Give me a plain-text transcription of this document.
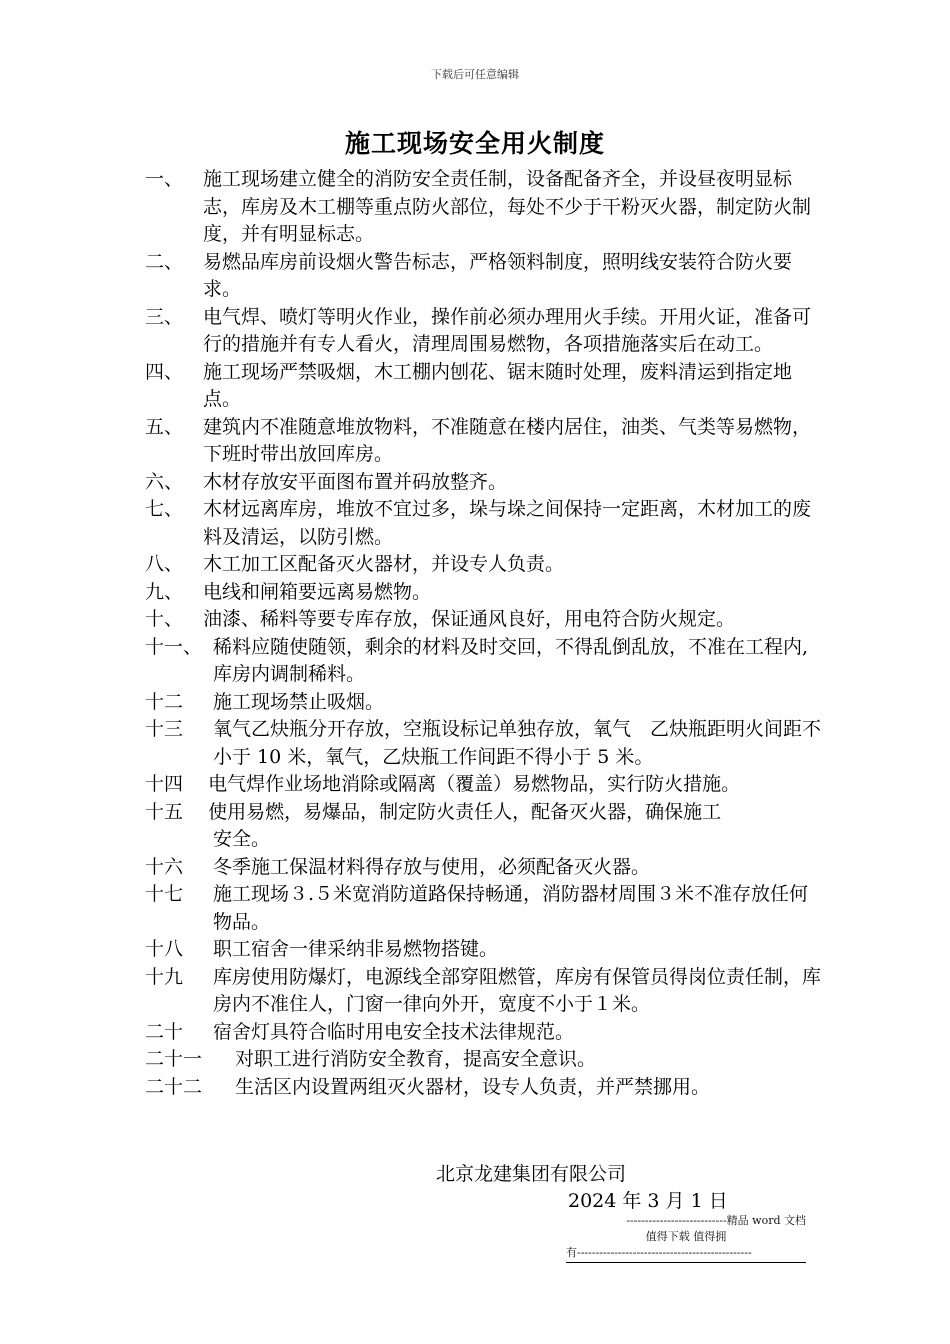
下载后可任意编辑
施工现场安全用火制度
一、	施工现场建立健全的消防安全责任制，设备配备齐全，并设昼夜明显标志，库房及木工棚等重点防火部位，每处不少于干粉灭火器，制定防火制度，并有明显标志。
二、	易燃品库房前设烟火警告标志，严格领料制度，照明线安装符合防火要求。
三、	电气焊、喷灯等明火作业，操作前必须办理用火手续。开用火证，准备可行的措施并有专人看火，清理周围易燃物，各项措施落实后在动工。
四、	施工现场严禁吸烟，木工棚内刨花、锯末随时处理，废料清运到指定地点。
五、	建筑内不准随意堆放物料，不准随意在楼内居住，油类、气类等易燃物，下班时带出放回库房。
六、	木材存放安平面图布置并码放整齐。
七、	木材远离库房，堆放不宜过多，垛与垛之间保持一定距离，木材加工的废料及清运，以防引燃。
八、	木工加工区配备灭火器材，并设专人负责。
九、	电线和闸箱要远离易燃物。
十、	油漆、稀料等要专库存放，保证通风良好，用电符合防火规定。
十一、 稀料应随使随领，剩余的材料及时交回，不得乱倒乱放，不准在工程内,库房内调制稀料。
十二	施工现场禁止吸烟。
十三	氧气乙炔瓶分开存放，空瓶设标记单独存放，氧气　乙炔瓶距明火间距不小于 10 米，氧气，乙炔瓶工作间距不得小于 5 米。
十四　 电气焊作业场地消除或隔离（覆盖）易燃物品，实行防火措施。
十五　 使用易燃，易爆品，制定防火责任人，配备灭火器，确保施工
安全。
十六	冬季施工保温材料得存放与使用，必须配备灭火器。
十七	施工现场３.５米宽消防道路保持畅通，消防器材周围３米不准存放任何物品。
十八	职工宿舍一律采纳非易燃物搭键。
十九	库房使用防爆灯，电源线全部穿阻燃管，库房有保管员得岗位责任制，库房内不准住人，门窗一律向外开，宽度不小于１米。
二十	宿舍灯具符合临时用电安全技术法律规范。
二十一	对职工进行消防安全教育，提高安全意识。
二十二	生活区内设置两组灭火器材，设专人负责，并严禁挪用。
北京龙建集团有限公司
2024 年 3 月 1 日
---------------------------精品 word 文档
值得下载 值得拥
有-----------------------------------------------
